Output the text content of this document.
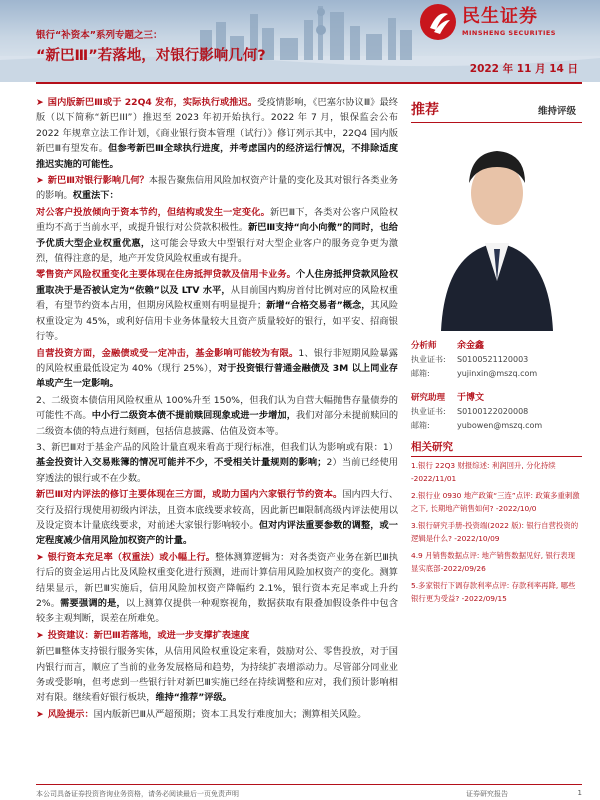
银行“补资本”系列专题之三：
“新巴Ⅲ”若落地，对银行影响几何?
2022 年 11 月 14 日
民生证券
MINSHENG SECURITIES

➤ 国内版新巴Ⅲ或于 22Q4 发布，实际执行或推迟。受疫情影响，《巴塞尔协议Ⅲ》最终版（以下简称“新巴III”）推迟至 2023 年初开始执行。2022 年 7 月，银保监会公布 2022 年规章立法工作计划，《商业银行资本管理（试行）》修订列示其中，22Q4 国内版新巴Ⅲ有望发布。但参考新巴Ⅲ全球执行进度，并考虑国内的经济运行情况，不排除适度推迟实施的可能性。

➤ 新巴Ⅲ对银行影响几何？本报告聚焦信用风险加权资产计量的变化及其对银行各类业务的影响。权重法下：

对公客户投放倾向于资本节约，但结构或发生一定变化。新巴Ⅲ下，各类对公客户风险权重均不高于当前水平，或提升银行对公贷款积极性。新巴Ⅲ支持“向小向微”的同时，也给予优质大型企业权重优惠，这可能会导致大中型银行对大型企业客户的服务竞争更为激烈，值得注意的是，地产开发贷风险权重或有提升。

零售资产风险权重变化主要体现在住房抵押贷款及信用卡业务。个人住房抵押贷款风险权重取决于是否被认定为“依赖”以及 LTV 水平，从目前国内购房首付比例对应的风险权重看，有望节约资本占用，但期房风险权重则有明显提升；新增“合格交易者”概念，其风险权重设定为 45%，或利好信用卡业务体量较大且资产质量较好的银行，如平安、招商银行等。

自营投资方面，金融债或受一定冲击，基金影响可能较为有限。1、银行非短期风险暴露的风险权重最低设定为 40%（现行 25%），对于投资银行普通金融债及 3M 以上同业存单或产生一定影响。

2、二级资本债信用风险权重从 100%升至 150%，但我们认为自营大幅抛售存量债券的可能性不高。中小行二级资本债不提前赎回现象或进一步增加，我们对部分未提前赎回的二级资本债的特点进行刻画，包括信息披露、估值及资本等。

3、新巴Ⅲ对于基金产品的风险计量直观来看高于现行标准，但我们认为影响或有限：1）基金投资计入交易账簿的情况可能并不少，不受相关计量规则的影响；2）当前已经使用穿透法的银行或不在少数。

新巴Ⅲ对内评法的修订主要体现在三方面，或助力国内六家银行节约资本。国内四大行、交行及招行现使用初级内评法，且资本底线要求较高，因此新巴Ⅲ限制高级内评法使用以及设定资本计量底线要求，对前述大家银行影响较小。但对内评法重要参数的调整，或一定程度减少信用风险加权资产的计量。

➤ 银行资本充足率（权重法）或小幅上行。整体测算逻辑为：对各类资产业务在新巴Ⅲ执行后的资金运用占比及风险权重变化进行预测，进而计算信用风险加权资产的变化。测算结果显示，新巴Ⅲ实施后，信用风险加权资产降幅约 2.1%，银行资本充足率或上升约 2%。需要强调的是，以上测算仅提供一种观察视角，数据获取有限叠加假设条件中包含较多主观判断，误差在所难免。

➤ 投资建议：新巴Ⅲ若落地，或进一步支撑扩表速度

新巴Ⅲ整体支持银行服务实体，从信用风险权重设定来看，鼓励对公、零售投放，对于国内银行而言，顺应了当前的业务发展格局和趋势，为持续扩表增添动力。尽管部分同业业务或受影响，但考虑到一些银行针对新巴Ⅲ实施已经在持续调整和应对，我们预计影响相对有限。继续看好银行板块，维持“推荐”评级。

➤ 风险提示：国内版新巴Ⅲ从严超预期；资本工具发行难度加大；测算相关风险。

推荐	维持评级
分析师 余金鑫
执业证书: S0100521120003
邮箱:	yujinxin@mszq.com
研究助理 于博文
执业证书: S0100122020008
邮箱:	yubowen@mszq.com
相关研究
1.银行 22Q3 财报综述: 利润回升, 分化持续 -2022/11/01
2.银行业 0930 地产政策“三连”点评: 政策多重刺激之下, 长期地产销售如何? -2022/10/0
3.银行研究手册-投资端(2022 版): 银行自营投资的逻辑是什么? -2022/10/09
4.9 月销售数据点评: 地产销售数据见好, 银行表现显实底部-2022/09/26
5.多家银行下调存款利率点评: 存款利率再降, 哪些银行更为受益? -2022/09/15
本公司具备证券投资咨询业务资格，请务必阅读最后一页免责声明	证券研究报告	1
